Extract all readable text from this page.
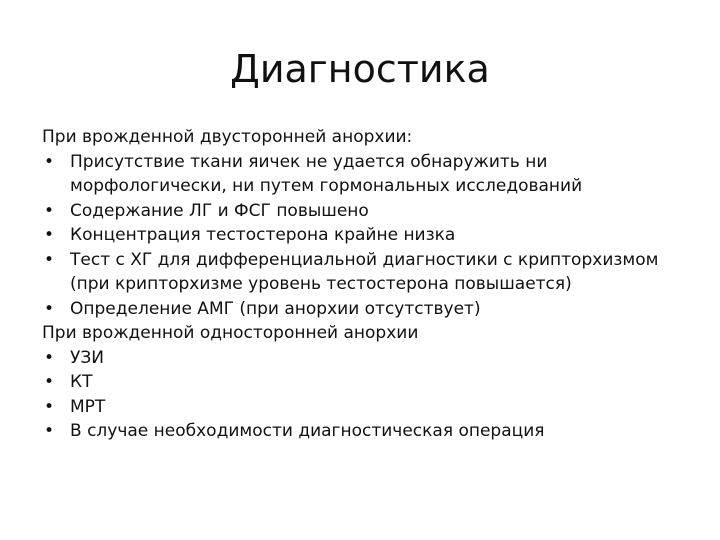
Диагностика
При врожденной двусторонней анорхии:
• Присутствие ткани яичек не удается обнаружить ни морфологически, ни путем гормональных исследований
• Содержание ЛГ и ФСГ повышено
• Концентрация тестостерона крайне низка
• Тест с ХГ для дифференциальной диагностики с крипторхизмом (при крипторхизме уровень тестостерона повышается)
• Определение АМГ (при анорхии отсутствует)
При врожденной односторонней анорхии
• УЗИ
• КТ
• МРТ
• В случае необходимости диагностическая операция
